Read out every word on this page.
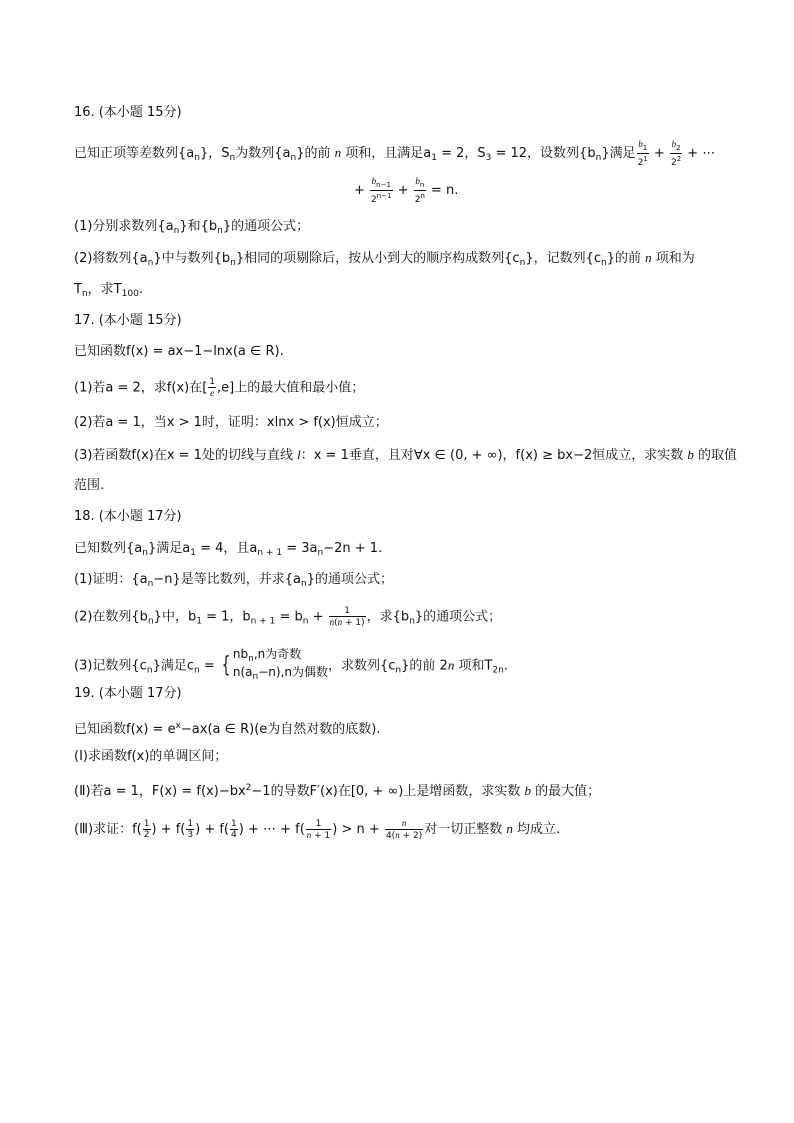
16. (本小题 15分)
已知正项等差数列$\{a_n\}$，$S_n$为数列$\{a_n\}$的前 n 项和，且满足$a_1 = 2$，$S_3 = 12$，设数列$\{b_n\}$满足 $\frac{b_1}{2^1} + \frac{b_2}{2^2}$ + ⋯
+ $\frac{b_{n-1}}{2^{n-1}} + \frac{b_n}{2^n} = n$.
(1)分别求数列$\{a_n\}$和$\{b_n\}$的通项公式；
(2)将数列$\{a_n\}$中与数列$\{b_n\}$相同的项剔除后，按从小到大的顺序构成数列$\{c_n\}$，记数列$\{c_n\}$的前 n 项和为
$T_n$，求$T_{100}$.
17. (本小题 15分)
已知函数f(x) = ax−1−lnx(a ∈ R).
(1)若a = 2，求f(x)在[ $\frac{1}{e} ,e$]上的最大值和最小值；
(2)若a = 1，当x > 1时，证明：xlnx > f(x)恒成立；
(3)若函数f(x)在x = 1处的切线与直线 l：x = 1垂直，且对∀x ∈ (0, + ∞)，f(x) ≥ bx−2恒成立，求实数 b 的取值
范围.
18. (本小题 17分)
已知数列$\{a_n\}$满足$a_1 = 4$，且$a_{n + 1} = 3a_n-2n + 1$.
(1)证明：$\{a_n-n\}$是等比数列，并求$\{a_n\}$的通项公式；
(2)在数列$\{b_n\}$中，$b_1 = 1$，$b_{n + 1} = b_n + \frac{1}{n(n + 1)}$ ，求$\{b_n\}$的通项公式；
(3)记数列$\{c_n\}$满足$c_n$ = { $nb_n,n$为奇数
$n(a_n-n),n$为偶数，求数列$\{c_n\}$的前 2n 项和$T_{2n}$.
19. (本小题 17分)
已知函数$f(x) = e^x-ax(a$ ∈ R)(e为自然对数的底数).
(Ⅰ)求函数f(x)的单调区间；
(Ⅱ)若a = 1，$F(x) = f(x)-bx^2-1$的导数F′(x)在[0, + ∞)上是增函数，求实数 b 的最大值；
(Ⅲ)求证：$f( \frac{1}{2}$ ) + $f( \frac{1}{3}$ ) + $f( \frac{1}{4}$ ) + ⋯ + $f( \frac{1}{n + 1}$ ) > $n + \frac{n}{4(n + 2)}$ 对一切正整数 n 均成立.
